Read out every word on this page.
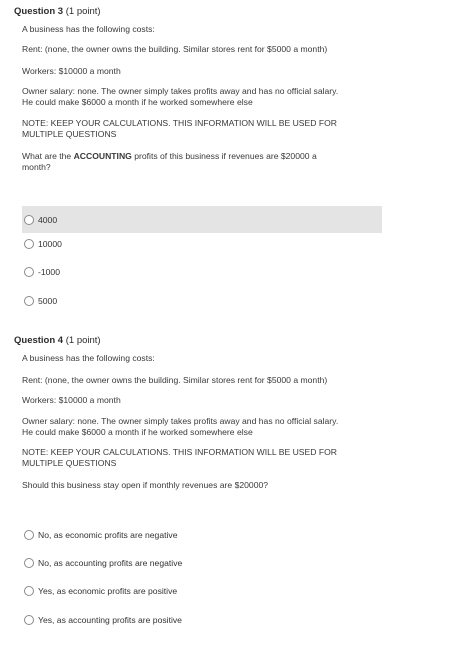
Question 3 (1 point)
A business has the following costs:
Rent: (none, the owner owns the building. Similar stores rent for $5000 a month)
Workers: $10000 a month
Owner salary: none. The owner simply takes profits away and has no official salary.
He could make $6000 a month if he worked somewhere else
NOTE: KEEP YOUR CALCULATIONS. THIS INFORMATION WILL BE USED FOR
MULTIPLE QUESTIONS
What are the ACCOUNTING profits of this business if revenues are $20000 a
month?
4000
10000
-1000
5000
Question 4 (1 point)
A business has the following costs:
Rent: (none, the owner owns the building. Similar stores rent for $5000 a month)
Workers: $10000 a month
Owner salary: none. The owner simply takes profits away and has no official salary.
He could make $6000 a month if he worked somewhere else
NOTE: KEEP YOUR CALCULATIONS. THIS INFORMATION WILL BE USED FOR
MULTIPLE QUESTIONS
Should this business stay open if monthly revenues are $20000?
No, as economic profits are negative
No, as accounting profits are negative
Yes, as economic profits are positive
Yes, as accounting profits are positive
